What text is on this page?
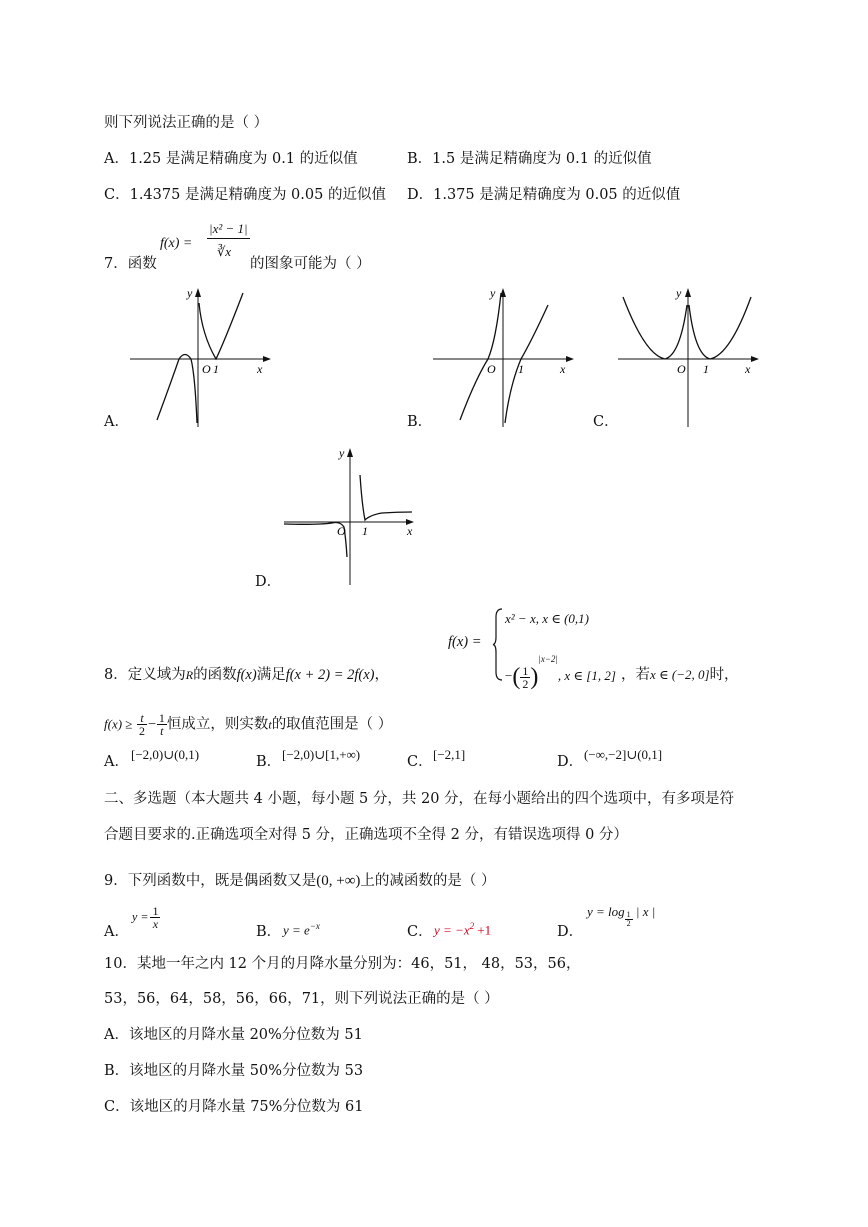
则下列说法正确的是（ ）
A．1.25 是满足精确度为 0.1 的近似值	B．1.5 是满足精确度为 0.1 的近似值
C．1.4375 是满足精确度为 0.05 的近似值 D．1.375 是满足精确度为 0.05 的近似值
7．函数
f(x) =
|x² − 1|
∛x
的图象可能为（ ）
y
O 1	x
A．
y
O 1	x
B．
y
O 1	x
C．
y
O 1	x
D．
8．定义域为R的函数f(x)满足f(x + 2) = 2f(x)，
f(x) =
x² − x, x ∈ (0,1)
−( $\frac{1}{2} )^{|x-2|}$, x ∈ [1, 2] ，若x ∈ (−2, 0]时，
$f(x) \ge \frac{t}{2} - \frac{1}{t}$ 恒成立，则实数t的取值范围是（ ）
A． [−2,0)∪(0,1)	B． [−2,0)∪[1,+∞)	C． [−2,1]	D． (−∞,−2]∪(0,1]
二、多选题（本大题共 4 小题，每小题 5 分，共 20 分，在每小题给出的四个选项中，有多项是符
合题目要求的.正确选项全对得 5 分，正确选项不全得 2 分，有错误选项得 0 分）
9．下列函数中，既是偶函数又是(0, +∞)上的减函数的是（ ）
A．
$y = \frac{1}{x}$
B． $y = e^{-x}$	C． $y = -x^2 +1$	D．
$y = \log \frac{1}{2}$ | x |
10．某地一年之内 12 个月的月降水量分别为：46，51， 48，53，56，
53，56，64，58，56，66，71，则下列说法正确的是（ ）
A．该地区的月降水量 20%分位数为 51
B．该地区的月降水量 50%分位数为 53
C．该地区的月降水量 75%分位数为 61
